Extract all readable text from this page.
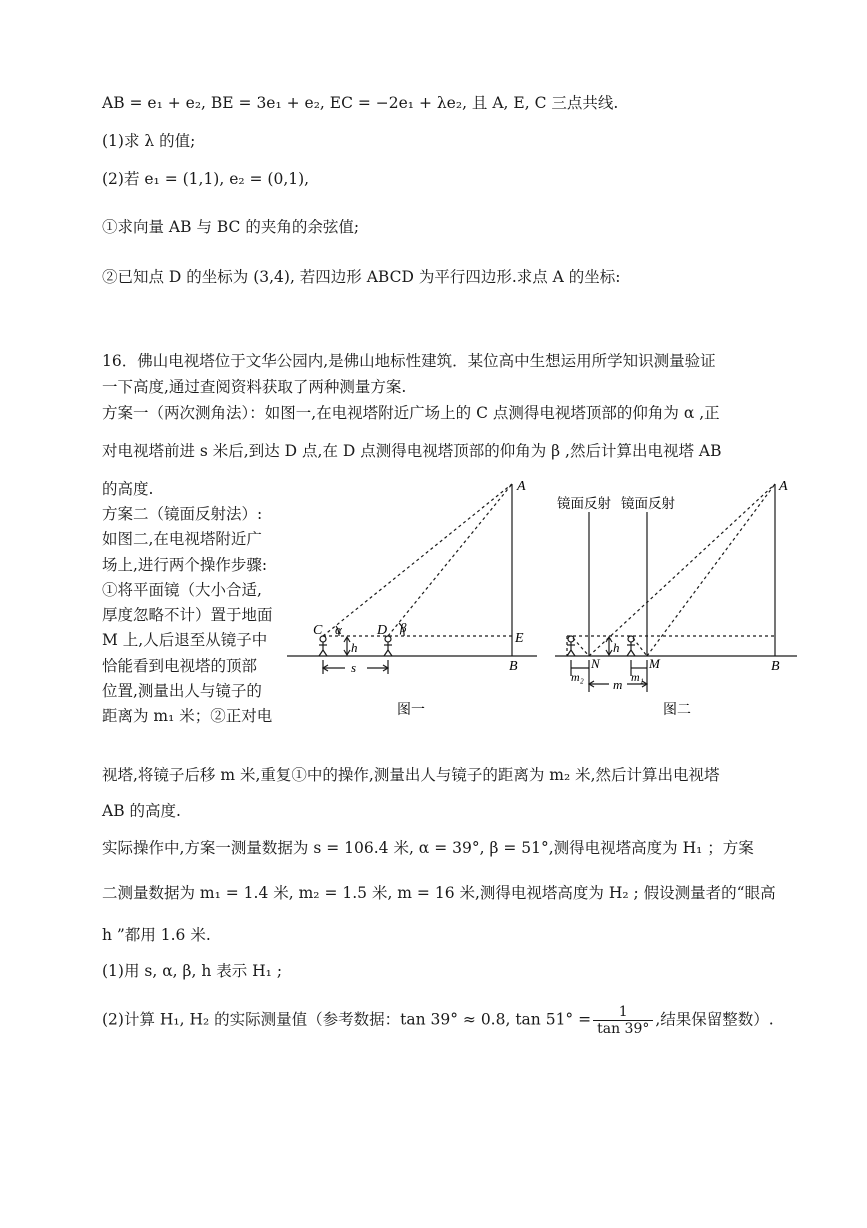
AB = e₁ + e₂, BE = 3e₁ + e₂, EC = −2e₁ + λe₂, 且 A, E, C 三点共线.
(1)求 λ 的值;
(2)若 e₁ = (1,1), e₂ = (0,1),
①求向量 AB 与 BC 的夹角的余弦值;
②已知点 D 的坐标为 (3,4), 若四边形 ABCD 为平行四边形.求点 A 的坐标:
16．佛山电视塔位于文华公园内,是佛山地标性建筑．某位高中生想运用所学知识测量验证
一下高度,通过查阅资料获取了两种测量方案.
方案一（两次测角法）：如图一,在电视塔附近广场上的 C 点测得电视塔顶部的仰角为 α ,正
对电视塔前进 s 米后,到达 D 点,在 D 点测得电视塔顶部的仰角为 β ,然后计算出电视塔 AB
的高度.
方案二（镜面反射法）:
如图二,在电视塔附近广
场上,进行两个操作步骤:
①将平面镜（大小合适,
厚度忽略不计）置于地面
M 上,人后退至从镜子中
恰能看到电视塔的顶部
位置,测量出人与镜子的
距离为 m₁ 米；②正对电
A
E
B
C α	D β
h
s
图一
镜面反射 镜面反射
A
B
N	M
h
m₂	m₁
m
图二
视塔,将镜子后移 m 米,重复①中的操作,测量出人与镜子的距离为 m₂ 米,然后计算出电视塔
AB 的高度.
实际操作中,方案一测量数据为 s = 106.4 米, α = 39°, β = 51°,测得电视塔高度为 H₁ ；方案
二测量数据为 m₁ = 1.4 米, m₂ = 1.5 米, m = 16 米,测得电视塔高度为 H₂ ; 假设测量者的“眼高
h ”都用 1.6 米.
(1)用 s, α, β, h 表示 H₁ ;
(2)计算 H₁, H₂ 的实际测量值（参考数据：tan 39° ≈ 0.8, $\tan 51^\circ = \frac{1}{\tan 39^\circ}$ ,结果保留整数）.
